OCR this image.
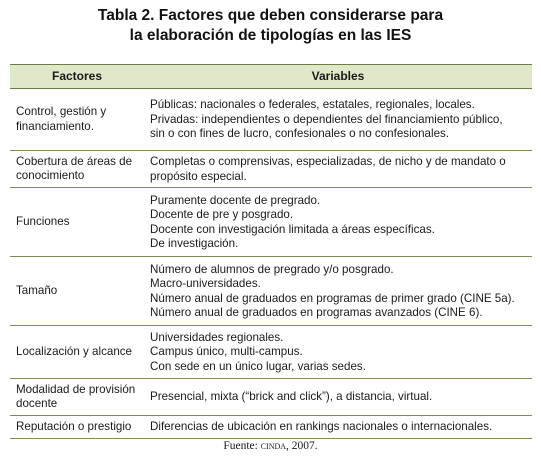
Tabla 2. Factores que deben considerarse para
la elaboración de tipologías en las IES
Factores	Variables
Control, gestión y financiamiento.	Públicas: nacionales o federales, estatales, regionales, locales.
Privadas: independientes o dependientes del financiamiento público,
sin o con fines de lucro, confesionales o no confesionales.

Cobertura de áreas de conocimiento	Completas o comprensivas, especializadas, de nicho y de mandato o
propósito especial.

Funciones	Puramente docente de pregrado.
Docente de pre y posgrado.
Docente con investigación limitada a áreas específicas.
De investigación.

Tamaño	Número de alumnos de pregrado y/o posgrado.
Macro-universidades.
Número anual de graduados en programas de primer grado (CINE 5a).
Número anual de graduados en programas avanzados (CINE 6).

Localización y alcance	Universidades regionales.
Campus único, multi-campus.
Con sede en un único lugar, varias sedes.

Modalidad de provisión docente	Presencial, mixta (“brick and click”), a distancia, virtual.

Reputación o prestigio	Diferencias de ubicación en rankings nacionales o internacionales.
Fuente: cinda, 2007.
